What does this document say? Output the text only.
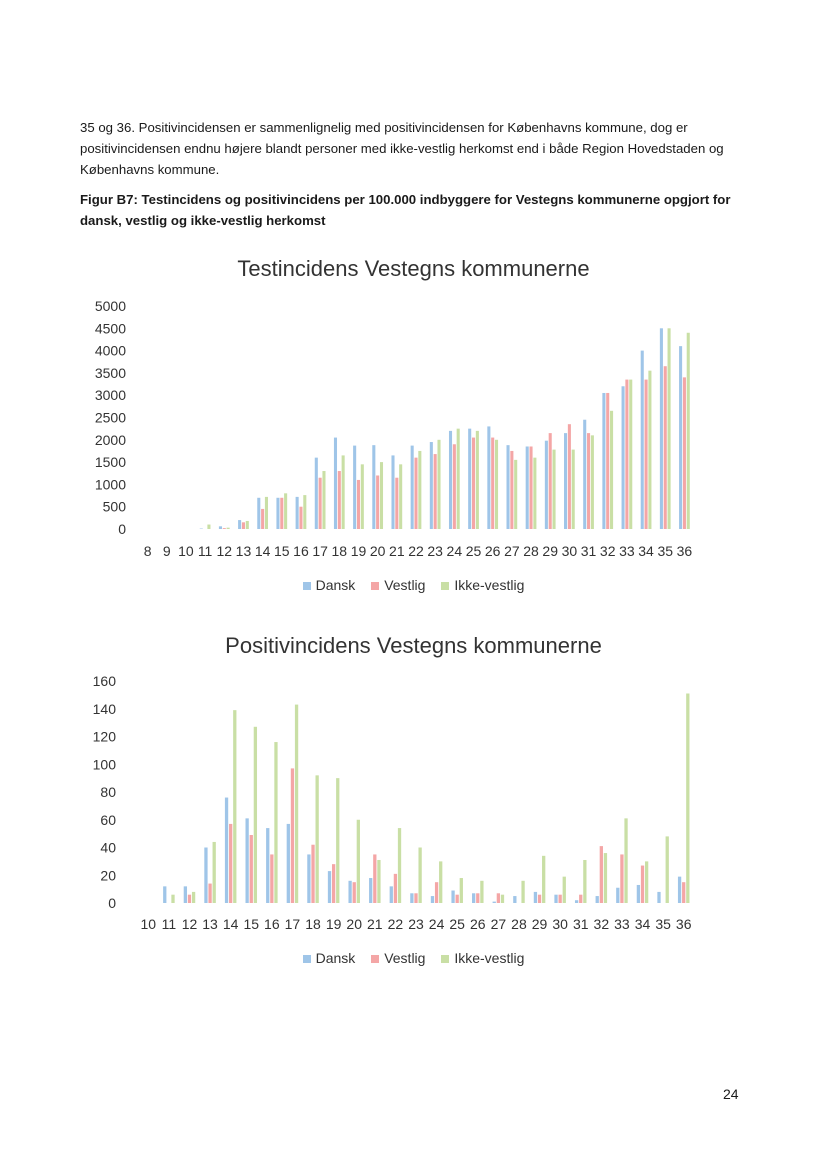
35 og 36. Positivincidensen er sammenlignelig med positivincidensen for Københavns kommune, dog er positivincidensen endnu højere blandt personer med ikke-vestlig herkomst end i både Region Hovedstaden og Københavns kommune.

Figur B7: Testincidens og positivincidens per 100.000 indbyggere for Vestegns kommunerne opgjort for dansk, vestlig og ikke-vestlig herkomst

Testincidens Vestegns kommunerne
0
500
1000
1500
2000
2500
3000
3500
4000
4500
5000
8 9 10 11 12 13 14 15 16 17 18 19 20 21 22 23 24 25 26 27 28 29 30 31 32 33 34 35 36
Dansk Vestlig Ikke-vestlig
Positivincidens Vestegns kommunerne
0
20
40
60
80
100
120
140
160
10 11 12 13 14 15 16 17 18 19 20 21 22 23 24 25 26 27 28 29 30 31 32 33 34 35 36
Dansk Vestlig Ikke-vestlig
24
